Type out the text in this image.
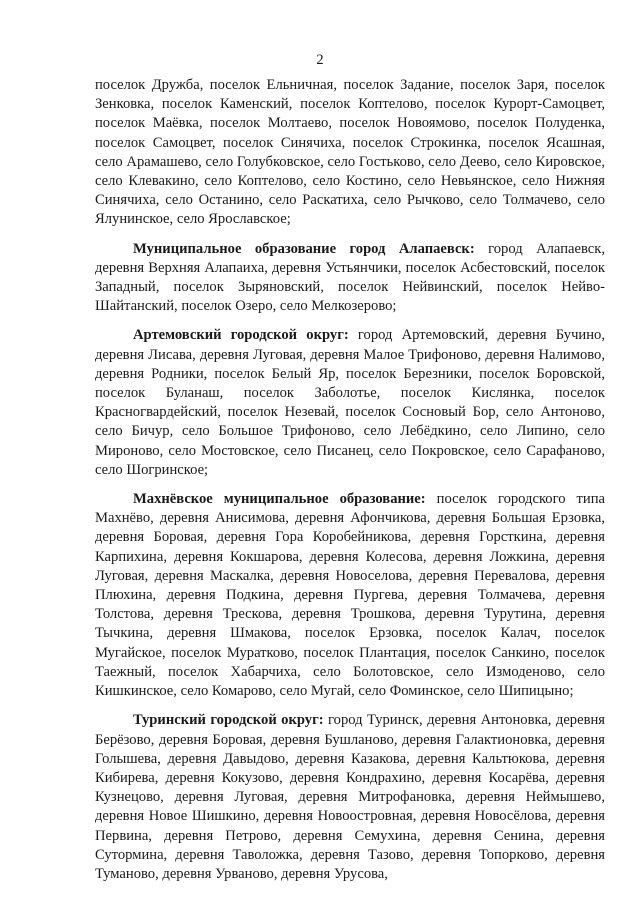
2

поселок Дружба, поселок Ельничная, поселок Задание, поселок Заря, поселок Зенковка, поселок Каменский, поселок Коптелово, поселок Курорт-Самоцвет, поселок Маёвка, поселок Молтаево, поселок Новоямово, поселок Полуденка, поселок Самоцвет, поселок Синячиха, поселок Строкинка, поселок Ясашная, село Арамашево, село Голубковское, село Гостьково, село Деево, село Кировское, село Клевакино, село Коптелово, село Костино, село Невьянское, село Нижняя Синячиха, село Останино, село Раскатиха, село Рычково, село Толмачево, село Ялунинское, село Ярославское;

Муниципальное образование город Алапаевск: город Алапаевск, деревня Верхняя Алапаиха, деревня Устьянчики, поселок Асбестовский, поселок Западный, поселок Зыряновский, поселок Нейвинский, поселок Нейво-Шайтанский, поселок Озеро, село Мелкозерово;

Артемовский городской округ: город Артемовский, деревня Бучино, деревня Лисава, деревня Луговая, деревня Малое Трифоново, деревня Налимово, деревня Родники, поселок Белый Яр, поселок Березники, поселок Боровской, поселок Буланаш, поселок Заболотье, поселок Кислянка, поселок Красногвардейский, поселок Незевай, поселок Сосновый Бор, село Антоново, село Бичур, село Большое Трифоново, село Лебёдкино, село Липино, село Мироново, село Мостовское, село Писанец, село Покровское, село Сарафаново, село Шогринское;

Махнёвское муниципальное образование: поселок городского типа Махнёво, деревня Анисимова, деревня Афончикова, деревня Большая Ерзовка, деревня Боровая, деревня Гора Коробейникова, деревня Горсткина, деревня Карпихина, деревня Кокшарова, деревня Колесова, деревня Ложкина, деревня Луговая, деревня Маскалка, деревня Новоселова, деревня Перевалова, деревня Плюхина, деревня Подкина, деревня Пургева, деревня Толмачева, деревня Толстова, деревня Трескова, деревня Трошкова, деревня Турутина, деревня Тычкина, деревня Шмакова, поселок Ерзовка, поселок Калач, поселок Мугайское, поселок Муратково, поселок Плантация, поселок Санкино, поселок Таежный, поселок Хабарчиха, село Болотовское, село Измоденово, село Кишкинское, село Комарово, село Мугай, село Фоминское, село Шипицыно;

Туринский городской округ: город Туринск, деревня Антоновка, деревня Берёзово, деревня Боровая, деревня Бушланово, деревня Галактионовка, деревня Голышева, деревня Давыдово, деревня Казакова, деревня Кальтюкова, деревня Кибирева, деревня Кокузово, деревня Кондрахино, деревня Косарёва, деревня Кузнецово, деревня Луговая, деревня Митрофановка, деревня Неймышево, деревня Новое Шишкино, деревня Новоостровная, деревня Новосёлова, деревня Первина, деревня Петрово, деревня Семухина, деревня Сенина, деревня Сутормина, деревня Таволожка, деревня Тазово, деревня Топорково, деревня Туманово, деревня Урваново, деревня Урусова,
